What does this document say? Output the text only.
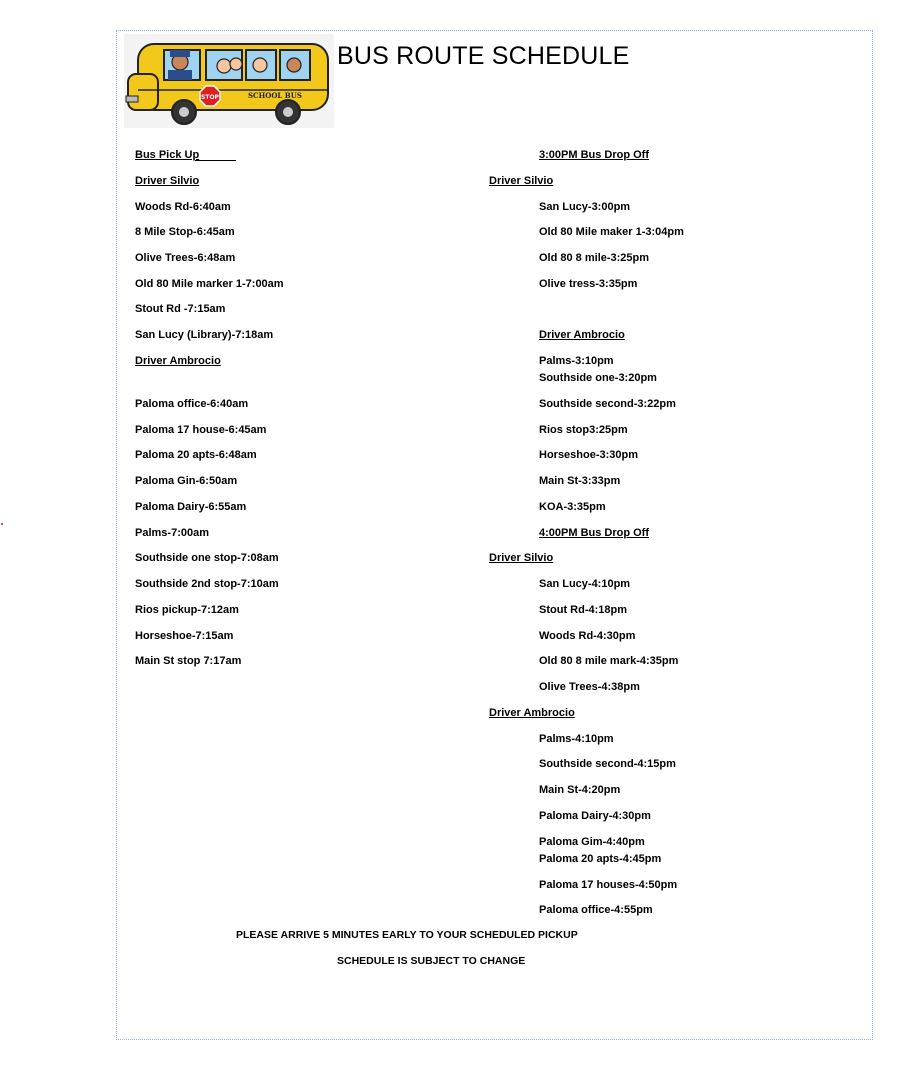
STOP	SCHOOL BUS
BUS ROUTE SCHEDULE
Bus Pick Up
Driver Silvio
Woods Rd-6:40am
8 Mile Stop-6:45am
Olive Trees-6:48am
Old 80 Mile marker 1-7:00am
Stout Rd -7:15am
San Lucy (Library)-7:18am
Driver Ambrocio
Paloma office-6:40am
Paloma 17 house-6:45am
Paloma 20 apts-6:48am
Paloma Gin-6:50am
Paloma Dairy-6:55am
Palms-7:00am
Southside one stop-7:08am
Southside 2nd stop-7:10am
Rios pickup-7:12am
Horseshoe-7:15am
Main St stop 7:17am
3:00PM Bus Drop Off
Driver Silvio
San Lucy-3:00pm
Old 80 Mile maker 1-3:04pm
Old 80 8 mile-3:25pm
Olive tress-3:35pm
Driver Ambrocio
Palms-3:10pm
Southside one-3:20pm
Southside second-3:22pm
Rios stop3:25pm
Horseshoe-3:30pm
Main St-3:33pm
KOA-3:35pm
4:00PM Bus Drop Off
Driver Silvio
San Lucy-4:10pm
Stout Rd-4:18pm
Woods Rd-4:30pm
Old 80 8 mile mark-4:35pm
Olive Trees-4:38pm
Driver Ambrocio
Palms-4:10pm
Southside second-4:15pm
Main St-4:20pm
Paloma Dairy-4:30pm
Paloma Gim-4:40pm
Paloma 20 apts-4:45pm
Paloma 17 houses-4:50pm
Paloma office-4:55pm
PLEASE ARRIVE 5 MINUTES EARLY TO YOUR SCHEDULED PICKUP
SCHEDULE IS SUBJECT TO CHANGE
